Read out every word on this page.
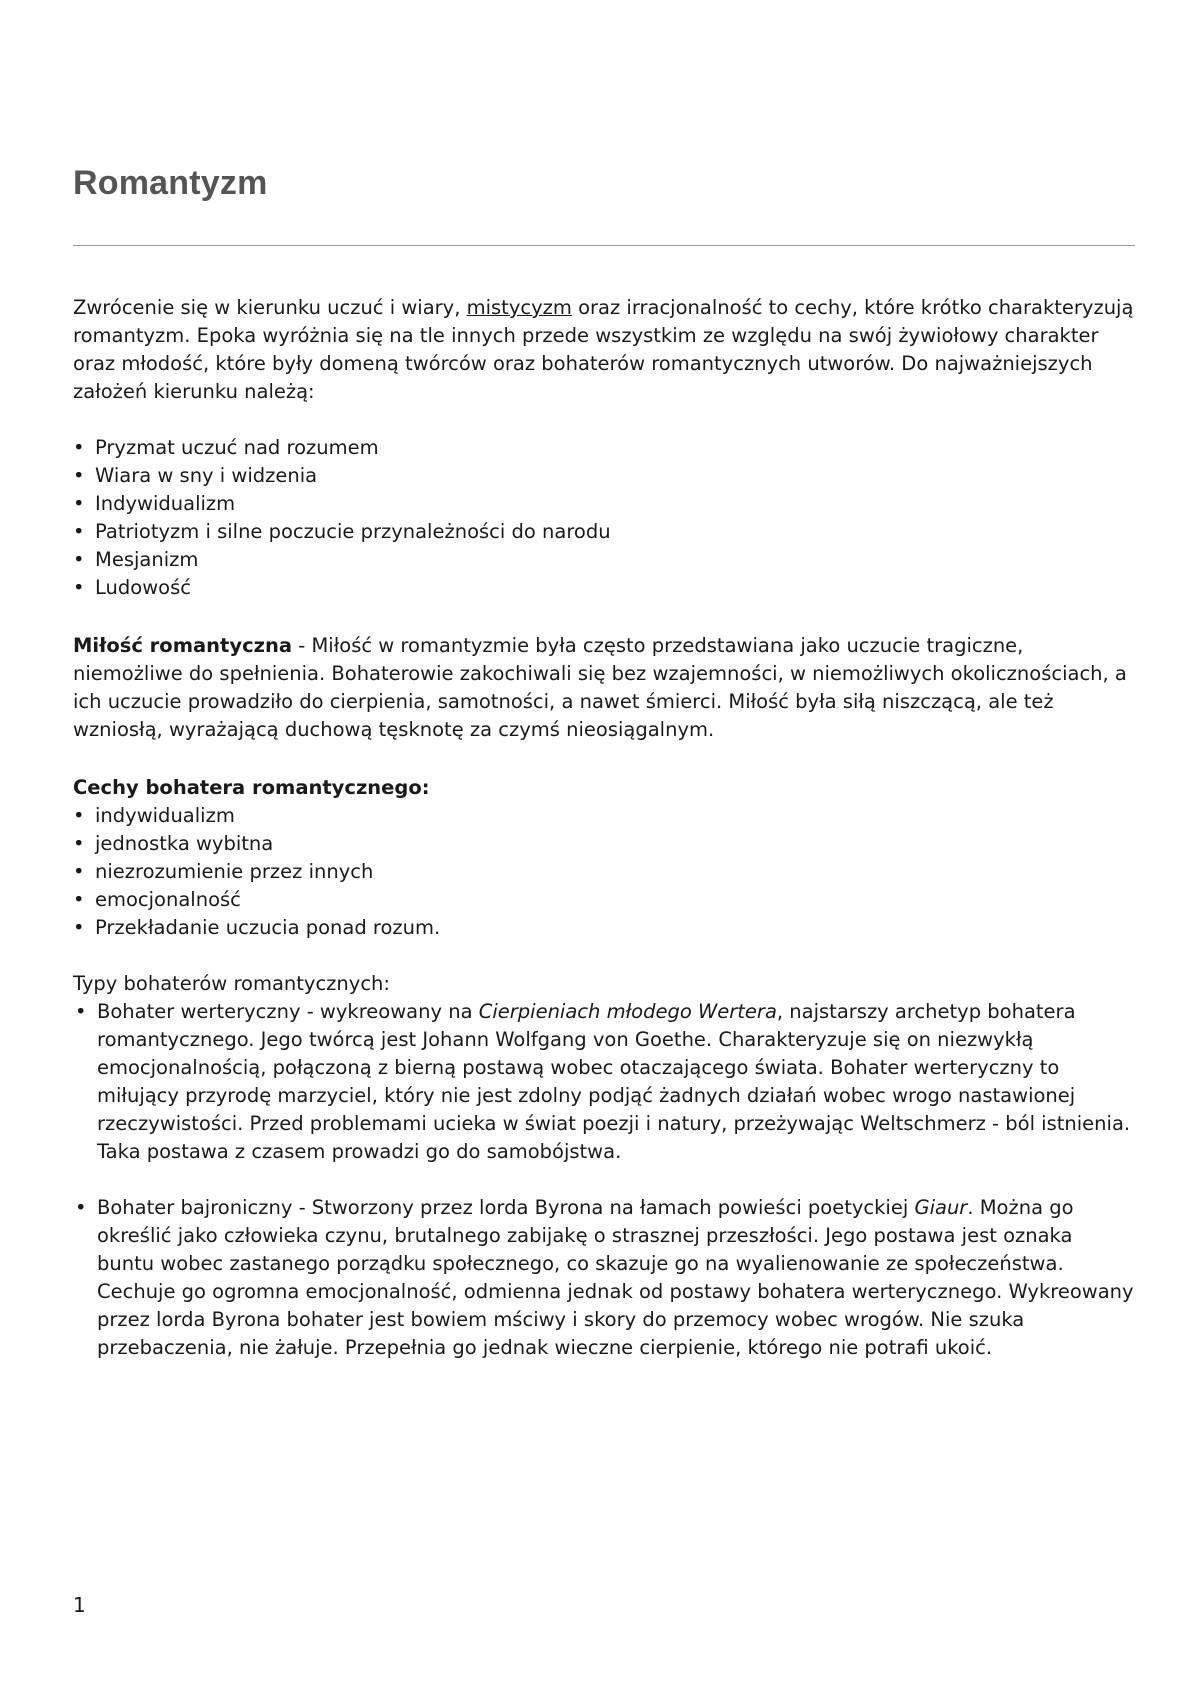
Romantyzm

Zwrócenie się w kierunku uczuć i wiary, mistycyzm oraz irracjonalność to cechy, które krótko charakteryzują romantyzm. Epoka wyróżnia się na tle innych przede wszystkim ze względu na swój żywiołowy charakter oraz młodość, które były domeną twórców oraz bohaterów romantycznych utworów. Do najważniejszych założeń kierunku należą:

• Pryzmat uczuć nad rozumem
• Wiara w sny i widzenia
• Indywidualizm
• Patriotyzm i silne poczucie przynależności do narodu
• Mesjanizm
• Ludowość

Miłość romantyczna - Miłość w romantyzmie była często przedstawiana jako uczucie tragiczne, niemożliwe do spełnienia. Bohaterowie zakochiwali się bez wzajemności, w niemożliwych okolicznościach, a ich uczucie prowadziło do cierpienia, samotności, a nawet śmierci. Miłość była siłą niszczącą, ale też wzniosłą, wyrażającą duchową tęsknotę za czymś nieosiągalnym.

Cechy bohatera romantycznego:

• indywidualizm
• jednostka wybitna
• niezrozumienie przez innych
• emocjonalność
• Przekładanie uczucia ponad rozum.

Typy bohaterów romantycznych:

• Bohater werteryczny - wykreowany na Cierpieniach młodego Wertera, najstarszy archetyp bohatera romantycznego. Jego twórcą jest Johann Wolfgang von Goethe. Charakteryzuje się on niezwykłą emocjonalnością, połączoną z bierną postawą wobec otaczającego świata. Bohater werteryczny to miłujący przyrodę marzyciel, który nie jest zdolny podjąć żadnych działań wobec wrogo nastawionej rzeczywistości. Przed problemami ucieka w świat poezji i natury, przeżywając Weltschmerz - ból istnienia. Taka postawa z czasem prowadzi go do samobójstwa.
• Bohater bajroniczny - Stworzony przez lorda Byrona na łamach powieści poetyckiej Giaur. Można go określić jako człowieka czynu, brutalnego zabijakę o strasznej przeszłości. Jego postawa jest oznaka buntu wobec zastanego porządku społecznego, co skazuje go na wyalienowanie ze społeczeństwa. Cechuje go ogromna emocjonalność, odmienna jednak od postawy bohatera werterycznego. Wykreowany przez lorda Byrona bohater jest bowiem mściwy i skory do przemocy wobec wrogów. Nie szuka przebaczenia, nie żałuje. Przepełnia go jednak wieczne cierpienie, którego nie potrafi ukoić.
1
